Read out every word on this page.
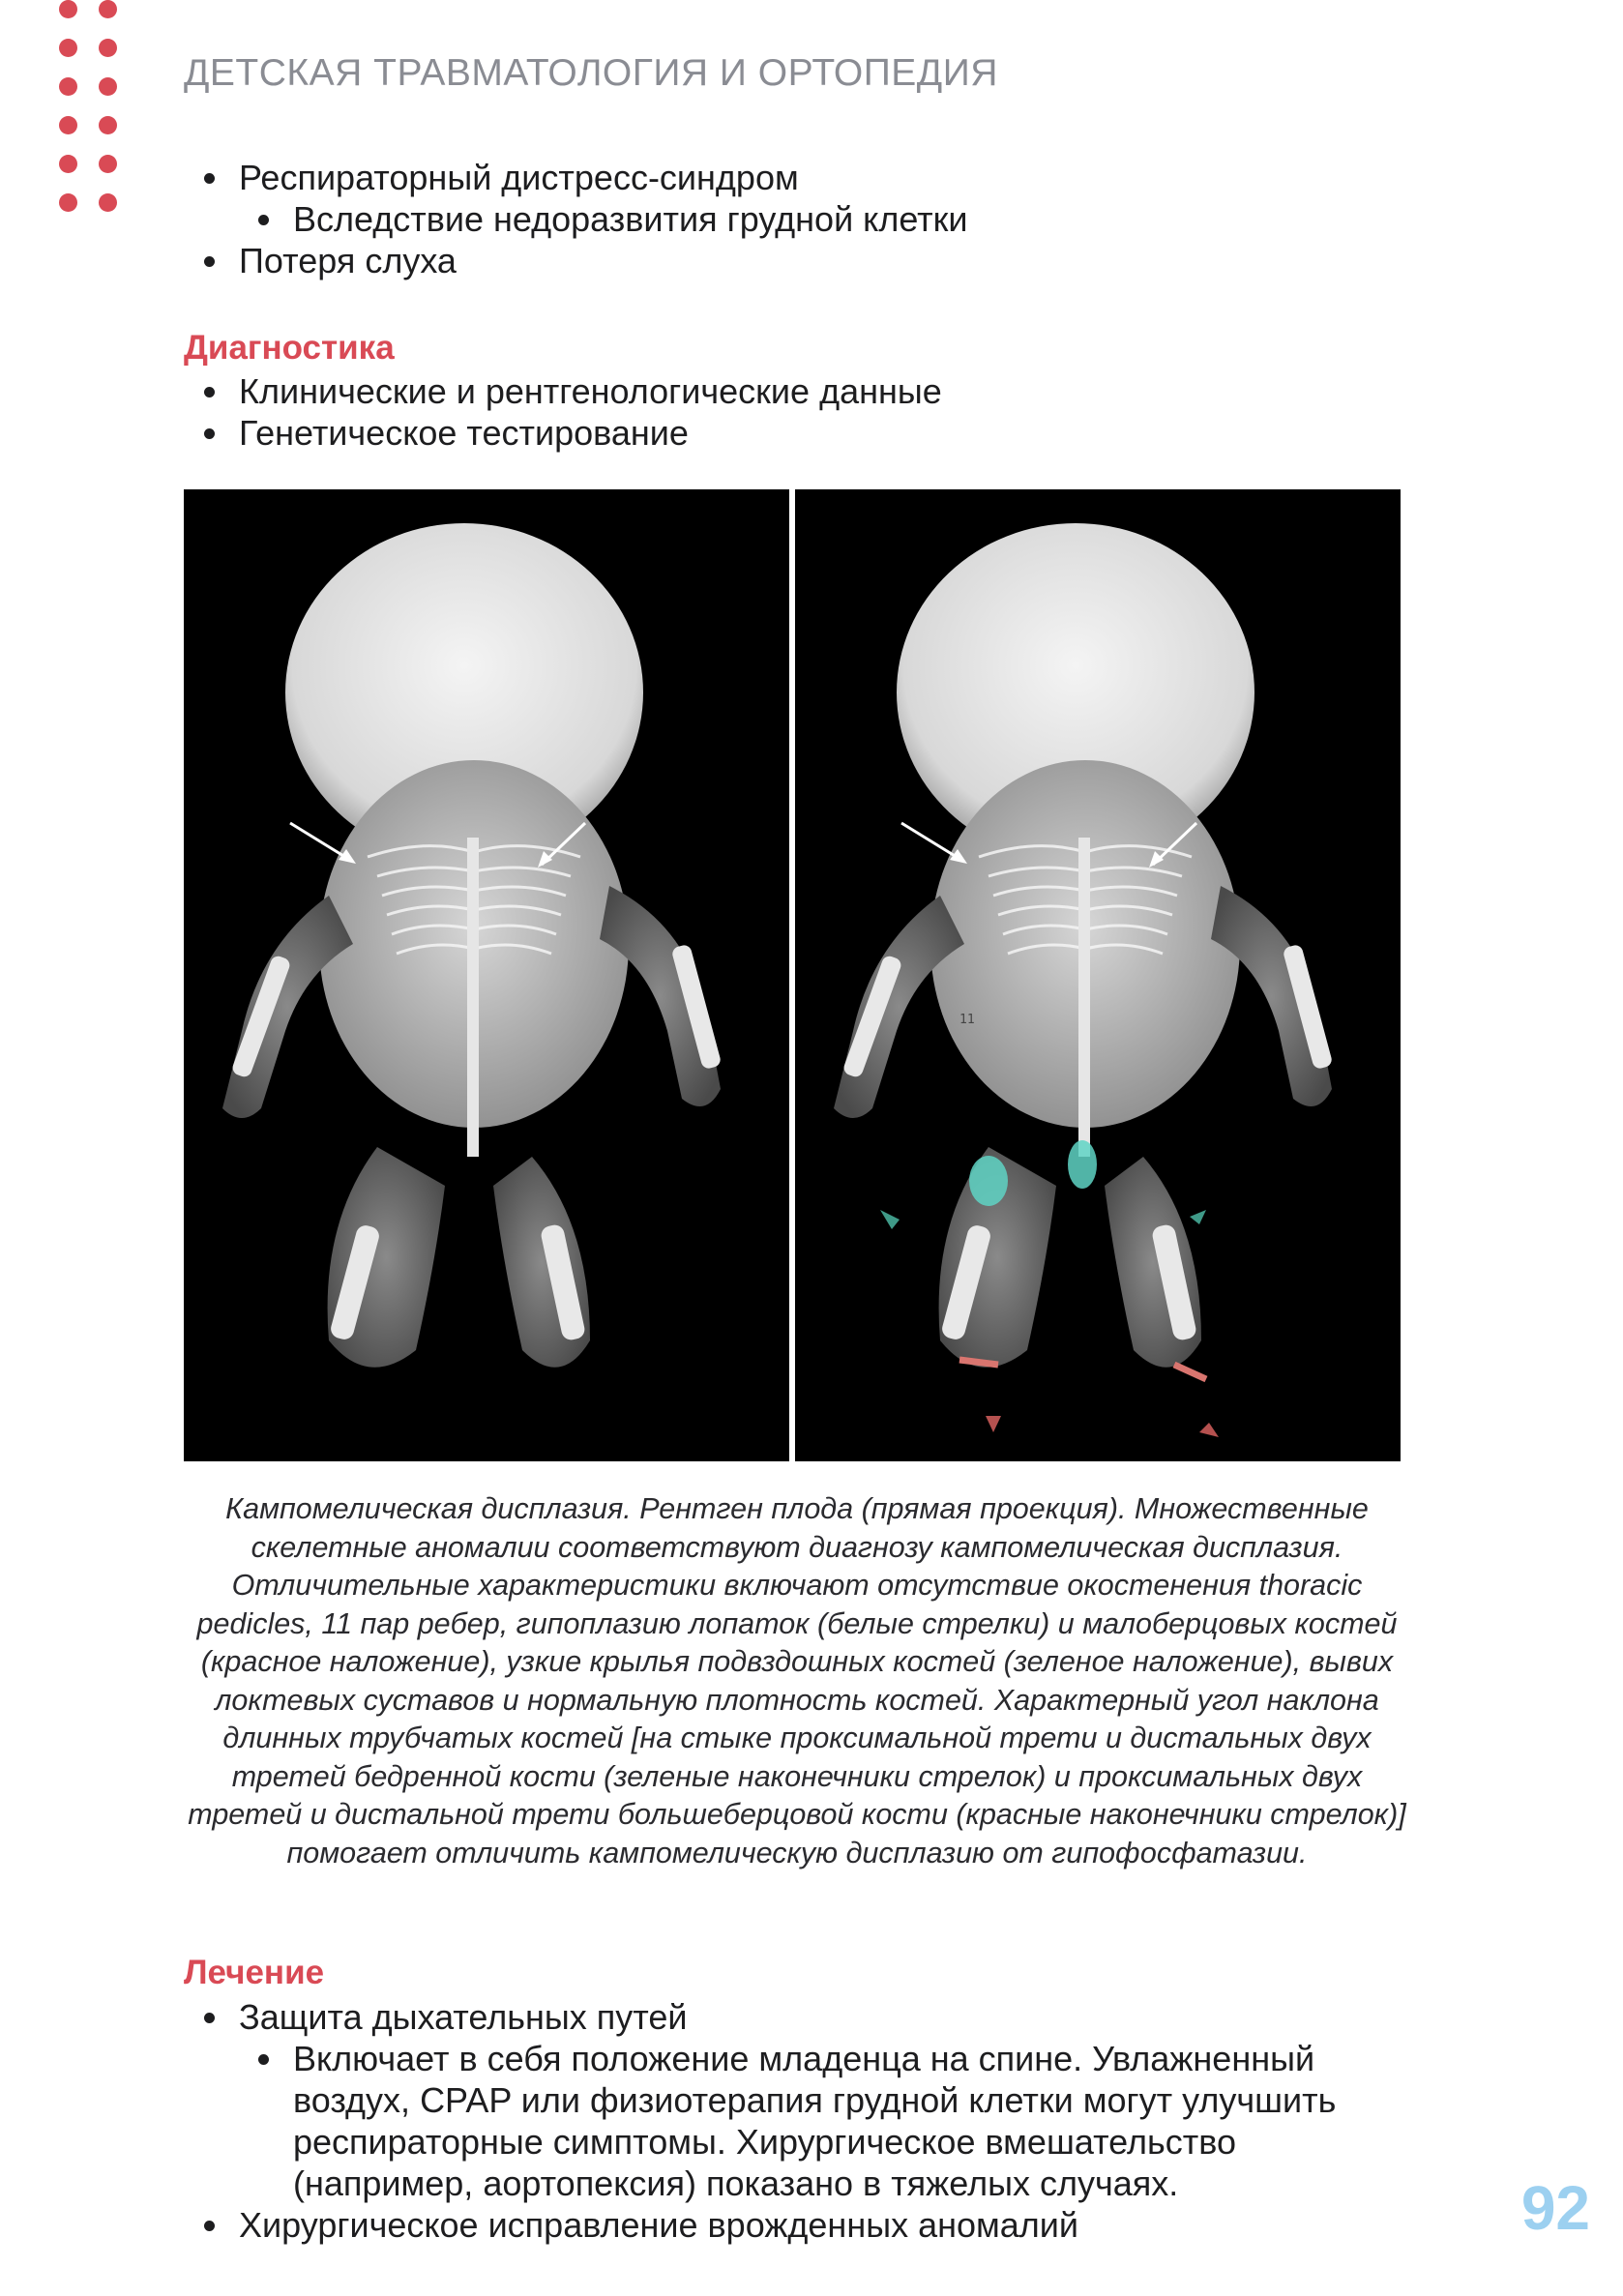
ДЕТСКАЯ ТРАВМАТОЛОГИЯ И ОРТОПЕДИЯ
Респираторный дистресс-синдром
Вследствие недоразвития грудной клетки
Потеря слуха
Диагностика
Клинические и рентгенологические данные
Генетическое тестирование
11
Кампомелическая дисплазия. Рентген плода (прямая проекция). Множественные скелетные аномалии соответствуют диагнозу кампомелическая дисплазия. Отличительные характеристики включают отсутствие окостенения thoracic pedicles, 11 пар ребер, гипоплазию лопаток (белые стрелки) и малоберцовых костей (красное наложение), узкие крылья подвздошных костей (зеленое наложение), вывих локтевых суставов и нормальную плотность костей. Характерный угол наклона длинных трубчатых костей [на стыке проксимальной трети и дистальных двух третей бедренной кости (зеленые наконечники стрелок) и проксимальных двух третей и дистальной трети большеберцовой кости (красные наконечники стрелок)] помогает отличить кампомелическую дисплазию от гипофосфатазии.
Лечение
Защита дыхательных путей
Включает в себя положение младенца на спине. Увлажненный воздух, CPAP или физиотерапия грудной клетки могут улучшить респираторные симптомы. Хирургическое вмешательство (например, аортопексия) показано в тяжелых случаях.
Хирургическое исправление врожденных аномалий	92
